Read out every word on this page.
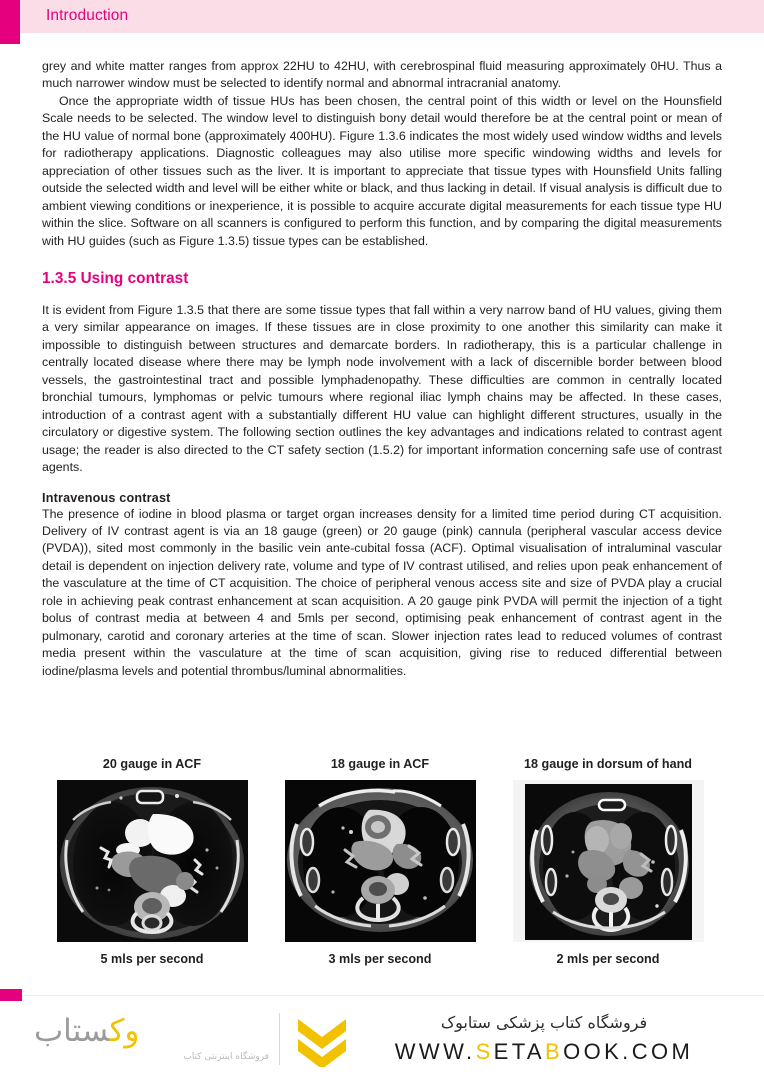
Introduction

grey and white matter ranges from approx 22HU to 42HU, with cerebrospinal fluid measuring approximately 0HU. Thus a much narrower window must be selected to identify normal and abnormal intracranial anatomy.

Once the appropriate width of tissue HUs has been chosen, the central point of this width or level on the Hounsfield Scale needs to be selected. The window level to distinguish bony detail would therefore be at the central point or mean of the HU value of normal bone (approximately 400HU). Figure 1.3.6 indicates the most widely used window widths and levels for radiotherapy applications. Diagnostic colleagues may also utilise more specific windowing widths and levels for appreciation of other tissues such as the liver. It is important to appreciate that tissue types with Hounsfield Units falling outside the selected width and level will be either white or black, and thus lacking in detail. If visual analysis is difficult due to ambient viewing conditions or inexperience, it is possible to acquire accurate digital measurements for each tissue type HU within the slice. Software on all scanners is configured to perform this function, and by comparing the digital measurements with HU guides (such as Figure 1.3.5) tissue types can be established.

1.3.5 Using contrast

It is evident from Figure 1.3.5 that there are some tissue types that fall within a very narrow band of HU values, giving them a very similar appearance on images. If these tissues are in close proximity to one another this similarity can make it impossible to distinguish between structures and demarcate borders. In radiotherapy, this is a particular challenge in centrally located disease where there may be lymph node involvement with a lack of discernible border between blood vessels, the gastrointestinal tract and possible lymphadenopathy. These difficulties are common in centrally located bronchial tumours, lymphomas or pelvic tumours where regional iliac lymph chains may be affected. In these cases, introduction of a contrast agent with a substantially different HU value can highlight different structures, usually in the circulatory or digestive system. The following section outlines the key advantages and indications related to contrast agent usage; the reader is also directed to the CT safety section (1.5.2) for important information concerning safe use of contrast agents.

Intravenous contrast

The presence of iodine in blood plasma or target organ increases density for a limited time period during CT acquisition. Delivery of IV contrast agent is via an 18 gauge (green) or 20 gauge (pink) cannula (peripheral vascular access device (PVDA)), sited most commonly in the basilic vein ante-cubital fossa (ACF). Optimal visualisation of intraluminal vascular detail is dependent on injection delivery rate, volume and type of IV contrast utilised, and relies upon peak enhancement of the vasculature at the time of CT acquisition. The choice of peripheral venous access site and size of PVDA play a crucial role in achieving peak contrast enhancement at scan acquisition. A 20 gauge pink PVDA will permit the injection of a tight bolus of contrast media at between 4 and 5mls per second, optimising peak enhancement of contrast agent in the pulmonary, carotid and coronary arteries at the time of scan. Slower injection rates lead to reduced volumes of contrast media present within the vasculature at the time of scan acquisition, giving rise to reduced differential between iodine/plasma levels and potential thrombus/luminal abnormalities.

20 gauge in ACF
5 mls per second
18 gauge in ACF
3 mls per second
18 gauge in dorsum of hand
2 mls per second
وکستاب
فروشگاه اینترنتی کتاب
فروشگاه کتاب پزشکی ستابوک
WWW.SETABOOK.COM
